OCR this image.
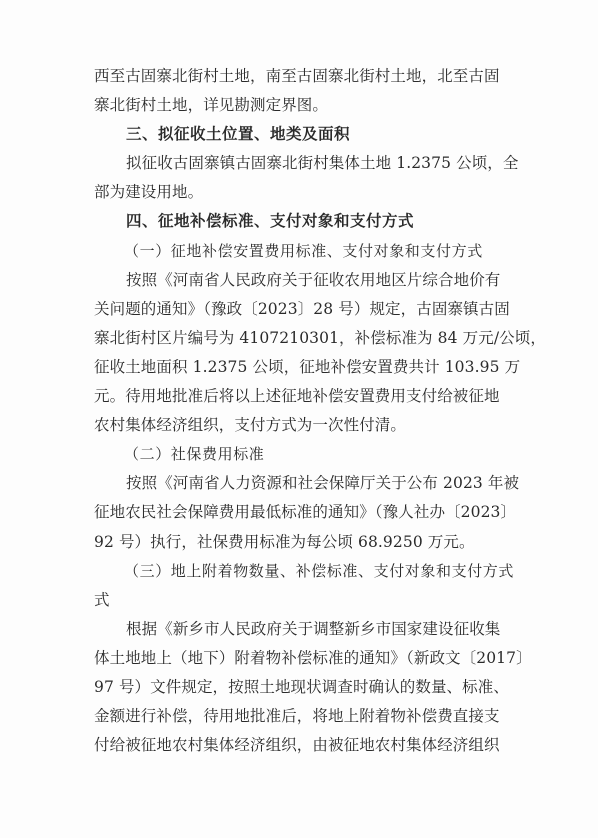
西至古固寨北街村土地，南至古固寨北街村土地，北至古固
寨北街村土地，详见勘测定界图。
三、拟征收土位置、地类及面积
拟征收古固寨镇古固寨北街村集体土地 1.2375 公顷，全
部为建设用地。
四、征地补偿标准、支付对象和支付方式
（一）征地补偿安置费用标准、支付对象和支付方式
按照《河南省人民政府关于征收农用地区片综合地价有
关问题的通知》（豫政〔2023〕28 号）规定，古固寨镇古固
寨北街村区片编号为 4107210301，补偿标准为 84 万元/公顷，
征收土地面积 1.2375 公顷，征地补偿安置费共计 103.95 万
元。待用地批准后将以上述征地补偿安置费用支付给被征地
农村集体经济组织，支付方式为一次性付清。
（二）社保费用标准
按照《河南省人力资源和社会保障厅关于公布 2023 年被
征地农民社会保障费用最低标准的通知》（豫人社办〔2023〕
92 号）执行，社保费用标准为每公顷 68.9250 万元。
（三）地上附着物数量、补偿标准、支付对象和支付方式
式
根据《新乡市人民政府关于调整新乡市国家建设征收集
体土地地上（地下）附着物补偿标准的通知》（新政文〔2017〕
97 号）文件规定，按照土地现状调查时确认的数量、标准、
金额进行补偿，待用地批准后，将地上附着物补偿费直接支
付给被征地农村集体经济组织，由被征地农村集体经济组织
